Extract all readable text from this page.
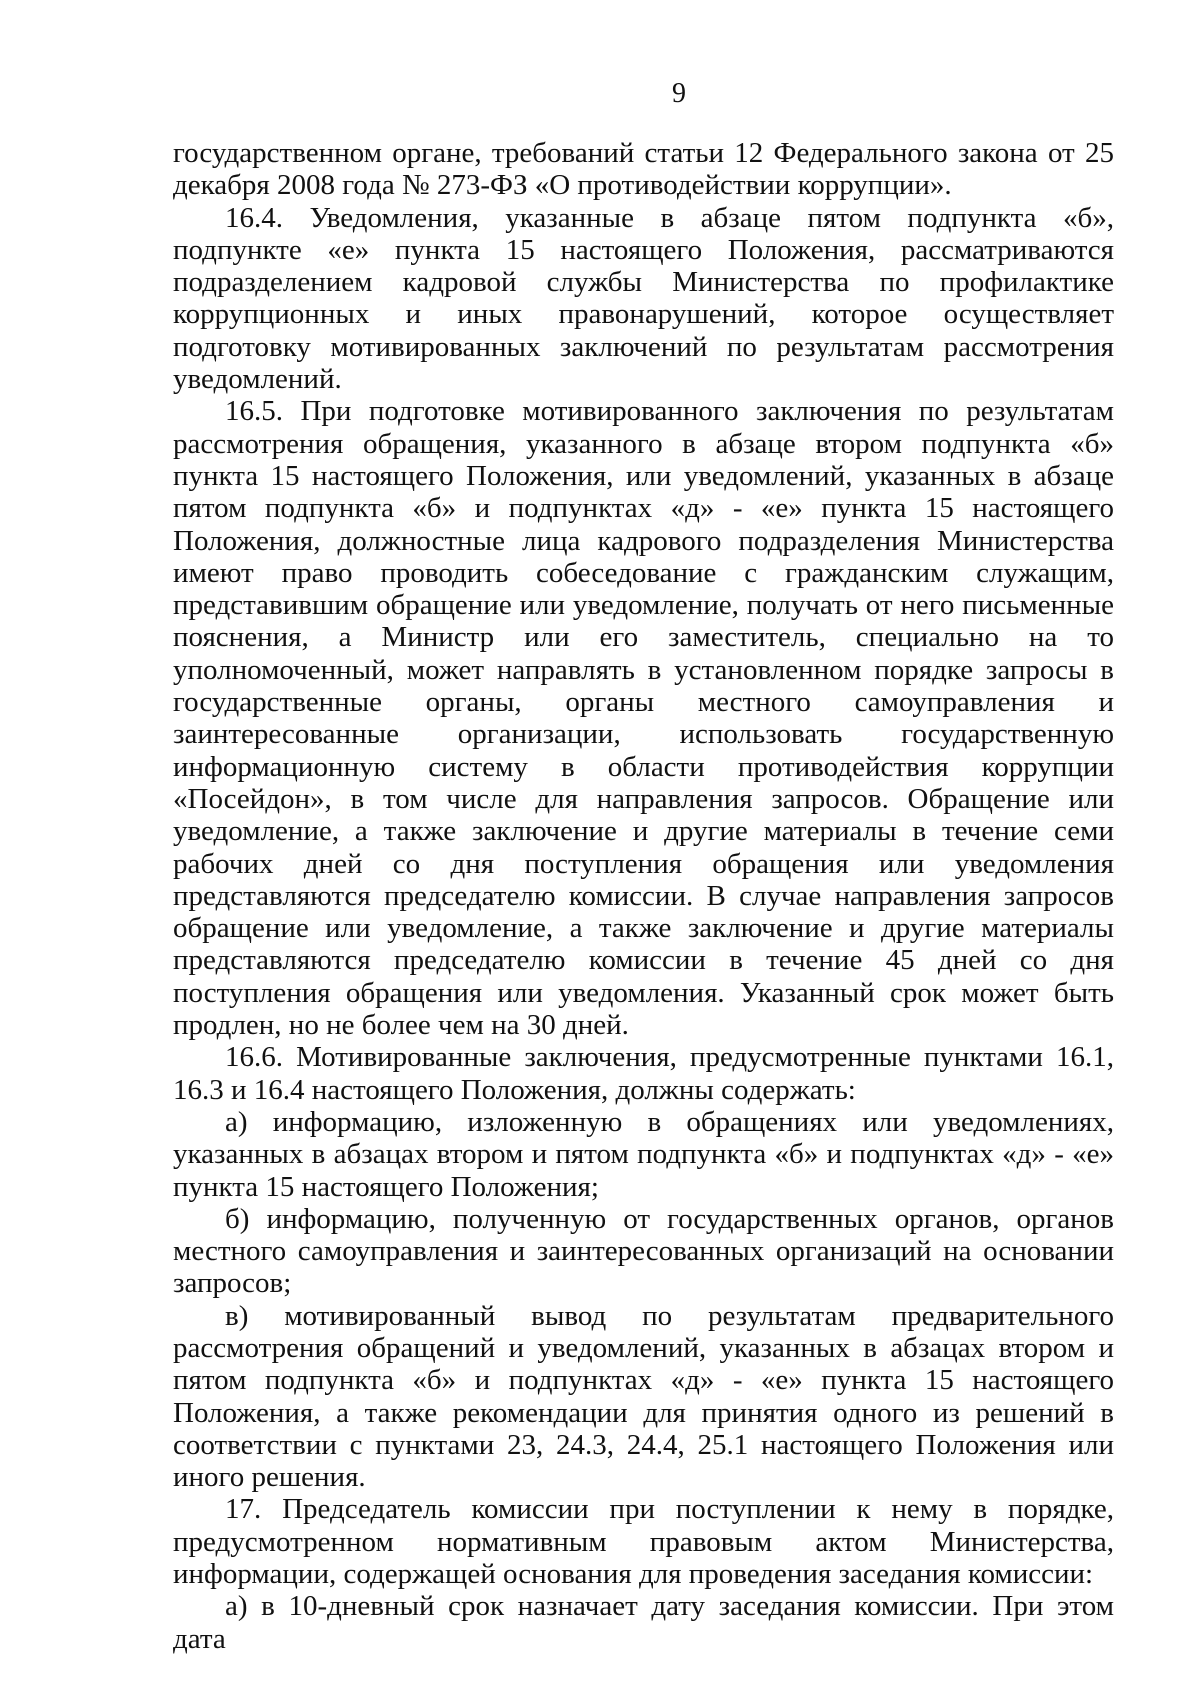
9

государственном органе, требований статьи 12 Федерального закона от 25 декабря 2008 года № 273-ФЗ «О противодействии коррупции».

16.4. Уведомления, указанные в абзаце пятом подпункта «б», подпункте «е» пункта 15 настоящего Положения, рассматриваются подразделением кадровой службы Министерства по профилактике коррупционных и иных правонарушений, которое осуществляет подготовку мотивированных заключений по результатам рассмотрения уведомлений.

16.5. При подготовке мотивированного заключения по результатам рассмотрения обращения, указанного в абзаце втором подпункта «б» пункта 15 настоящего Положения, или уведомлений, указанных в абзаце пятом подпункта «б» и подпунктах «д» - «е» пункта 15 настоящего Положения, должностные лица кадрового подразделения Министерства имеют право проводить собеседование с гражданским служащим, представившим обращение или уведомление, получать от него письменные пояснения, а Министр или его заместитель, специально на то уполномоченный, может направлять в установленном порядке запросы в государственные органы, органы местного самоуправления и заинтересованные организации, использовать государственную информационную систему в области противодействия коррупции «Посейдон», в том числе для направления запросов. Обращение или уведомление, а также заключение и другие материалы в течение семи рабочих дней со дня поступления обращения или уведомления представляются председателю комиссии. В случае направления запросов обращение или уведомление, а также заключение и другие материалы представляются председателю комиссии в течение 45 дней со дня поступления обращения или уведомления. Указанный срок может быть продлен, но не более чем на 30 дней.

16.6. Мотивированные заключения, предусмотренные пунктами 16.1, 16.3 и 16.4 настоящего Положения, должны содержать:

а) информацию, изложенную в обращениях или уведомлениях, указанных в абзацах втором и пятом подпункта «б» и подпунктах «д» - «е» пункта 15 настоящего Положения;

б) информацию, полученную от государственных органов, органов местного самоуправления и заинтересованных организаций на основании запросов;

в) мотивированный вывод по результатам предварительного рассмотрения обращений и уведомлений, указанных в абзацах втором и пятом подпункта «б» и подпунктах «д» - «е» пункта 15 настоящего Положения, а также рекомендации для принятия одного из решений в соответствии с пунктами 23, 24.3, 24.4, 25.1 настоящего Положения или иного решения.

17. Председатель комиссии при поступлении к нему в порядке, предусмотренном нормативным правовым актом Министерства, информации, содержащей основания для проведения заседания комиссии:

а) в 10-дневный срок назначает дату заседания комиссии. При этом дата
